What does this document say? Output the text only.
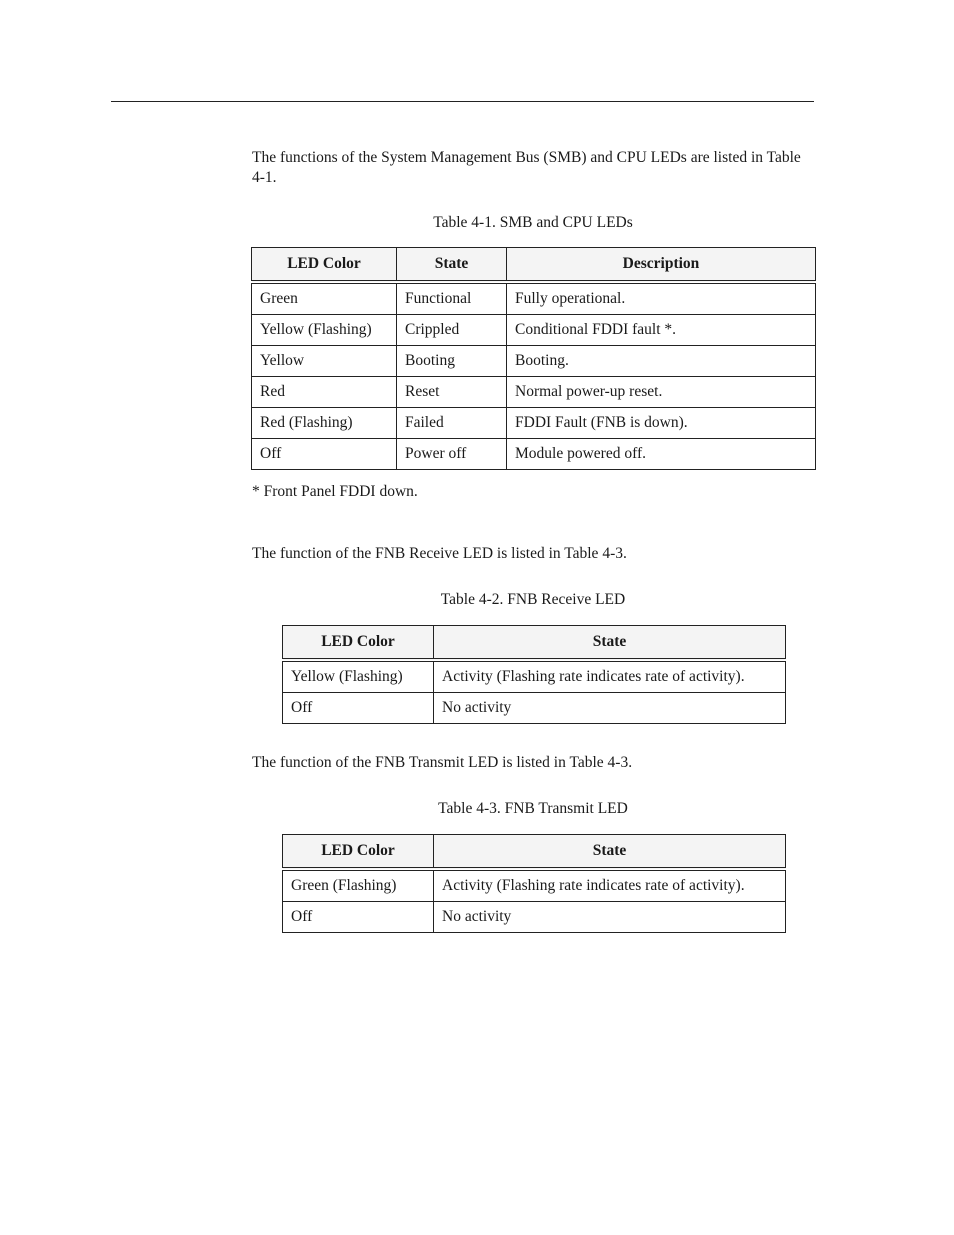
The functions of the System Management Bus (SMB) and CPU LEDs are listed in Table 4-1.

Table 4-1. SMB and CPU LEDs

LED Color	State	Description
Green	Functional	Fully operational.
Yellow (Flashing)	Crippled	Conditional FDDI fault *.
Yellow	Booting	Booting.
Red	Reset	Normal power-up reset.
Red (Flashing)	Failed	FDDI Fault (FNB is down).
Off	Power off	Module powered off.

* Front Panel FDDI down.

The function of the FNB Receive LED is listed in Table 4-3.

Table 4-2. FNB Receive LED

LED Color	State
Yellow (Flashing)	Activity (Flashing rate indicates rate of activity).
Off	No activity

The function of the FNB Transmit LED is listed in Table 4-3.

Table 4-3. FNB Transmit LED

LED Color	State
Green (Flashing)	Activity (Flashing rate indicates rate of activity).
Off	No activity
